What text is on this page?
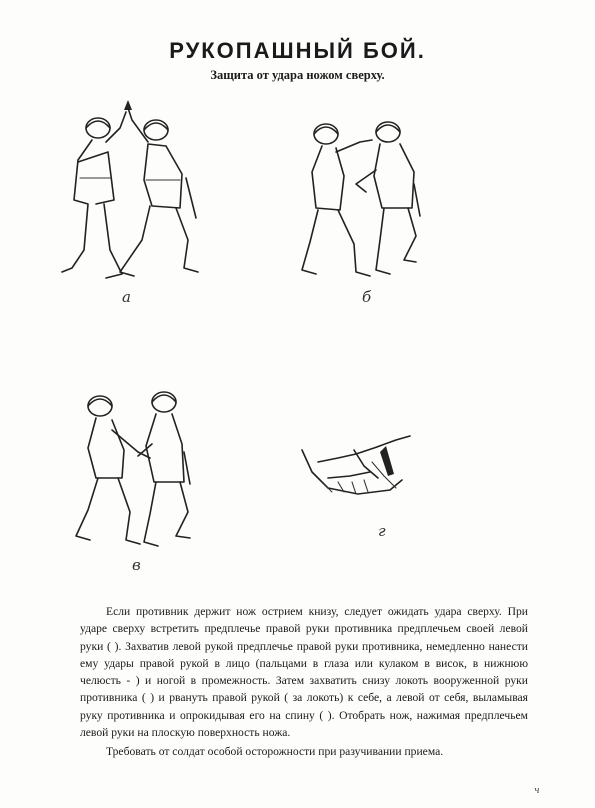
РУКОПАШНЫЙ БОЙ.
Защита от удара ножом сверху.
а	б
в
г

Если противник держит нож острием книзу, следует ожидать удара сверху. При ударе сверху встретить предплечье правой руки противника предплечьем своей левой руки ( ). Захватив левой рукой предплечье правой руки противника, немедленно нанести ему удары правой рукой в лицо (пальцами в глаза или кулаком в висок, в нижнюю челюсть - ) и ногой в промежность. Затем захватить снизу локоть вооруженной руки противника ( ) и рвануть правой рукой ( за локоть) к себе, а левой от себя, выламывая руку противника и опрокидывая его на спину ( ). Отобрать нож, нажимая предплечьем левой руки на плоскую поверхность ножа.

Требовать от солдат особой осторожности при разучивании приема.

ч
